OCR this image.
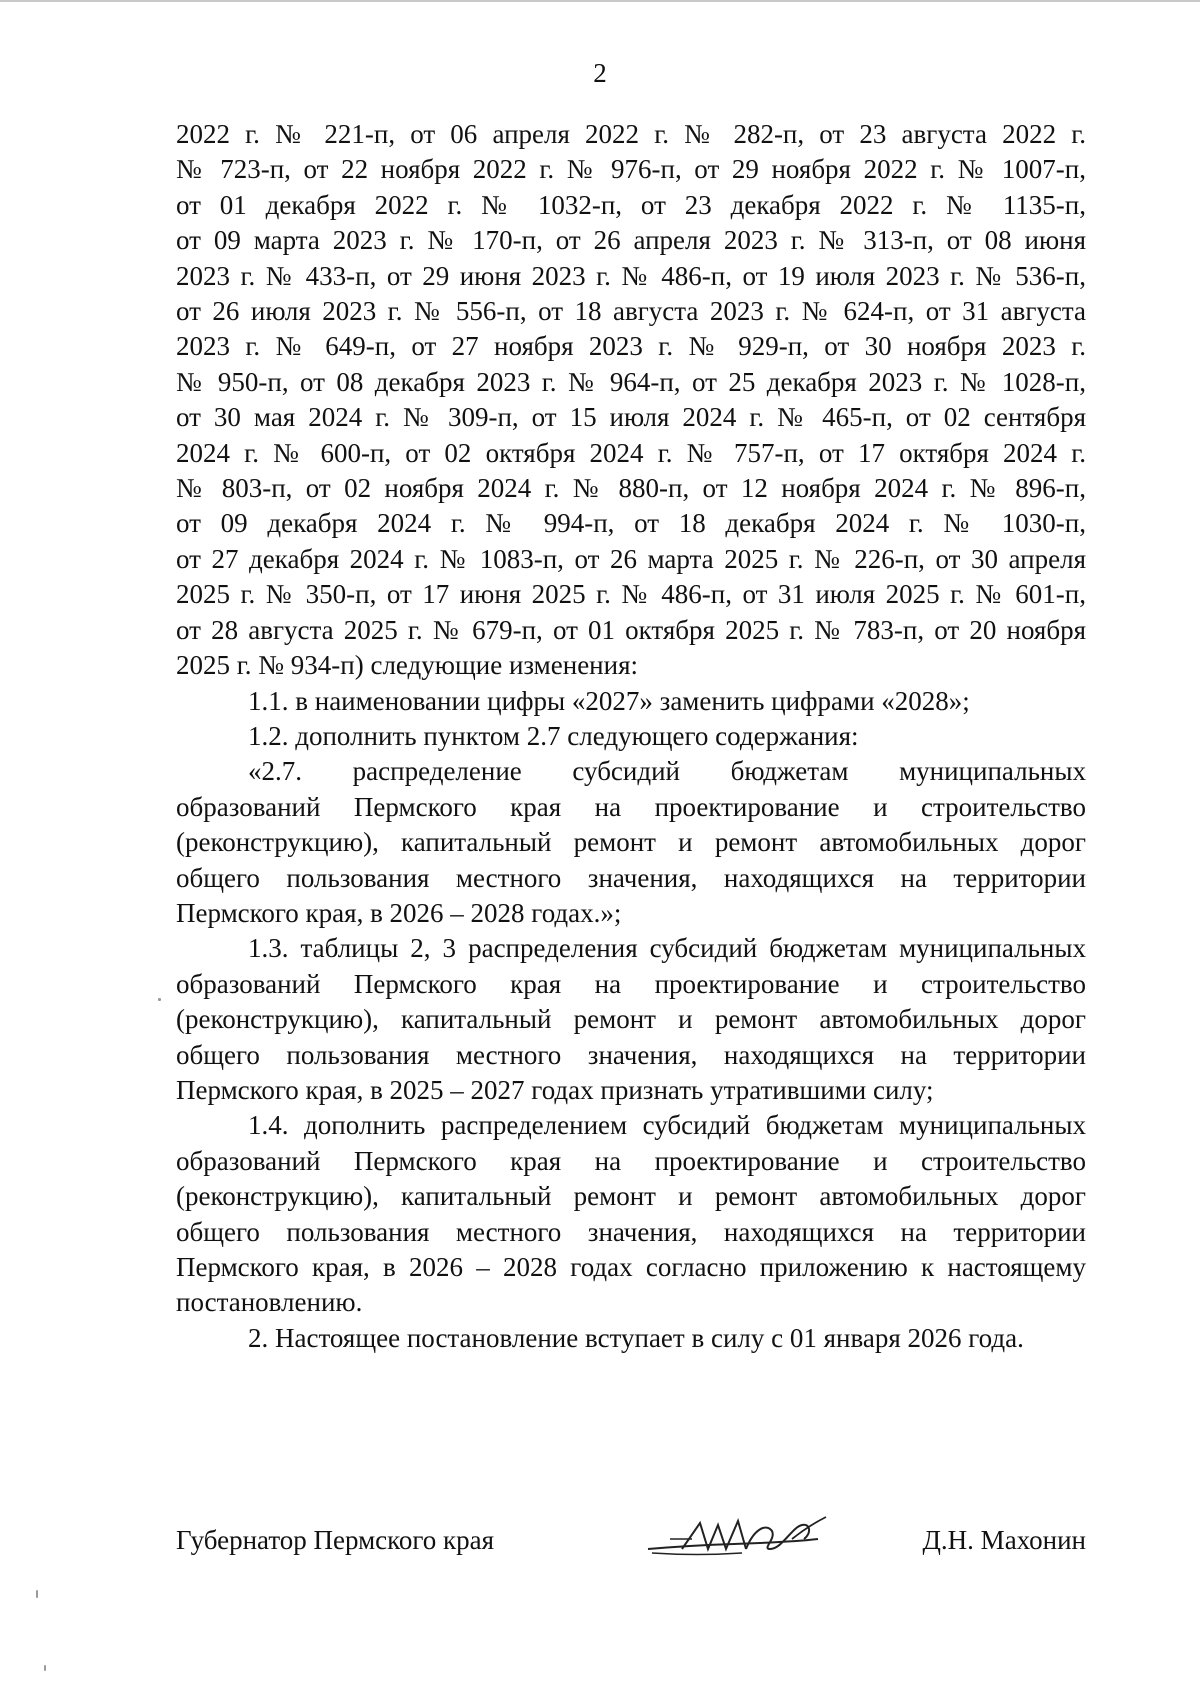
2
2022 г. № 221-п, от 06 апреля 2022 г. № 282-п, от 23 августа 2022 г.
№ 723-п, от 22 ноября 2022 г. № 976-п, от 29 ноября 2022 г. № 1007-п,
от 01 декабря 2022 г. № 1032-п, от 23 декабря 2022 г. № 1135-п,
от 09 марта 2023 г. № 170-п, от 26 апреля 2023 г. № 313-п, от 08 июня
2023 г. № 433-п, от 29 июня 2023 г. № 486-п, от 19 июля 2023 г. № 536-п,
от 26 июля 2023 г. № 556-п, от 18 августа 2023 г. № 624-п, от 31 августа
2023 г. № 649-п, от 27 ноября 2023 г. № 929-п, от 30 ноября 2023 г.
№ 950-п, от 08 декабря 2023 г. № 964-п, от 25 декабря 2023 г. № 1028-п,
от 30 мая 2024 г. № 309-п, от 15 июля 2024 г. № 465-п, от 02 сентября
2024 г. № 600-п, от 02 октября 2024 г. № 757-п, от 17 октября 2024 г.
№ 803-п, от 02 ноября 2024 г. № 880-п, от 12 ноября 2024 г. № 896-п,
от 09 декабря 2024 г. № 994-п, от 18 декабря 2024 г. № 1030-п,
от 27 декабря 2024 г. № 1083-п, от 26 марта 2025 г. № 226-п, от 30 апреля
2025 г. № 350-п, от 17 июня 2025 г. № 486-п, от 31 июля 2025 г. № 601-п,
от 28 августа 2025 г. № 679-п, от 01 октября 2025 г. № 783-п, от 20 ноября
2025 г. № 934-п) следующие изменения:
1.1. в наименовании цифры «2027» заменить цифрами «2028»;
1.2. дополнить пунктом 2.7 следующего содержания:
«2.7. распределение субсидий бюджетам муниципальных
образований Пермского края на проектирование и строительство
(реконструкцию), капитальный ремонт и ремонт автомобильных дорог
общего пользования местного значения, находящихся на территории
Пермского края, в 2026 – 2028 годах.»;
1.3. таблицы 2, 3 распределения субсидий бюджетам муниципальных
образований Пермского края на проектирование и строительство
(реконструкцию), капитальный ремонт и ремонт автомобильных дорог
общего пользования местного значения, находящихся на территории
Пермского края, в 2025 – 2027 годах признать утратившими силу;
1.4. дополнить распределением субсидий бюджетам муниципальных
образований Пермского края на проектирование и строительство
(реконструкцию), капитальный ремонт и ремонт автомобильных дорог
общего пользования местного значения, находящихся на территории
Пермского края, в 2026 – 2028 годах согласно приложению к настоящему
постановлению.
2. Настоящее постановление вступает в силу с 01 января 2026 года.
Губернатор Пермского края	Д.Н. Махонин
